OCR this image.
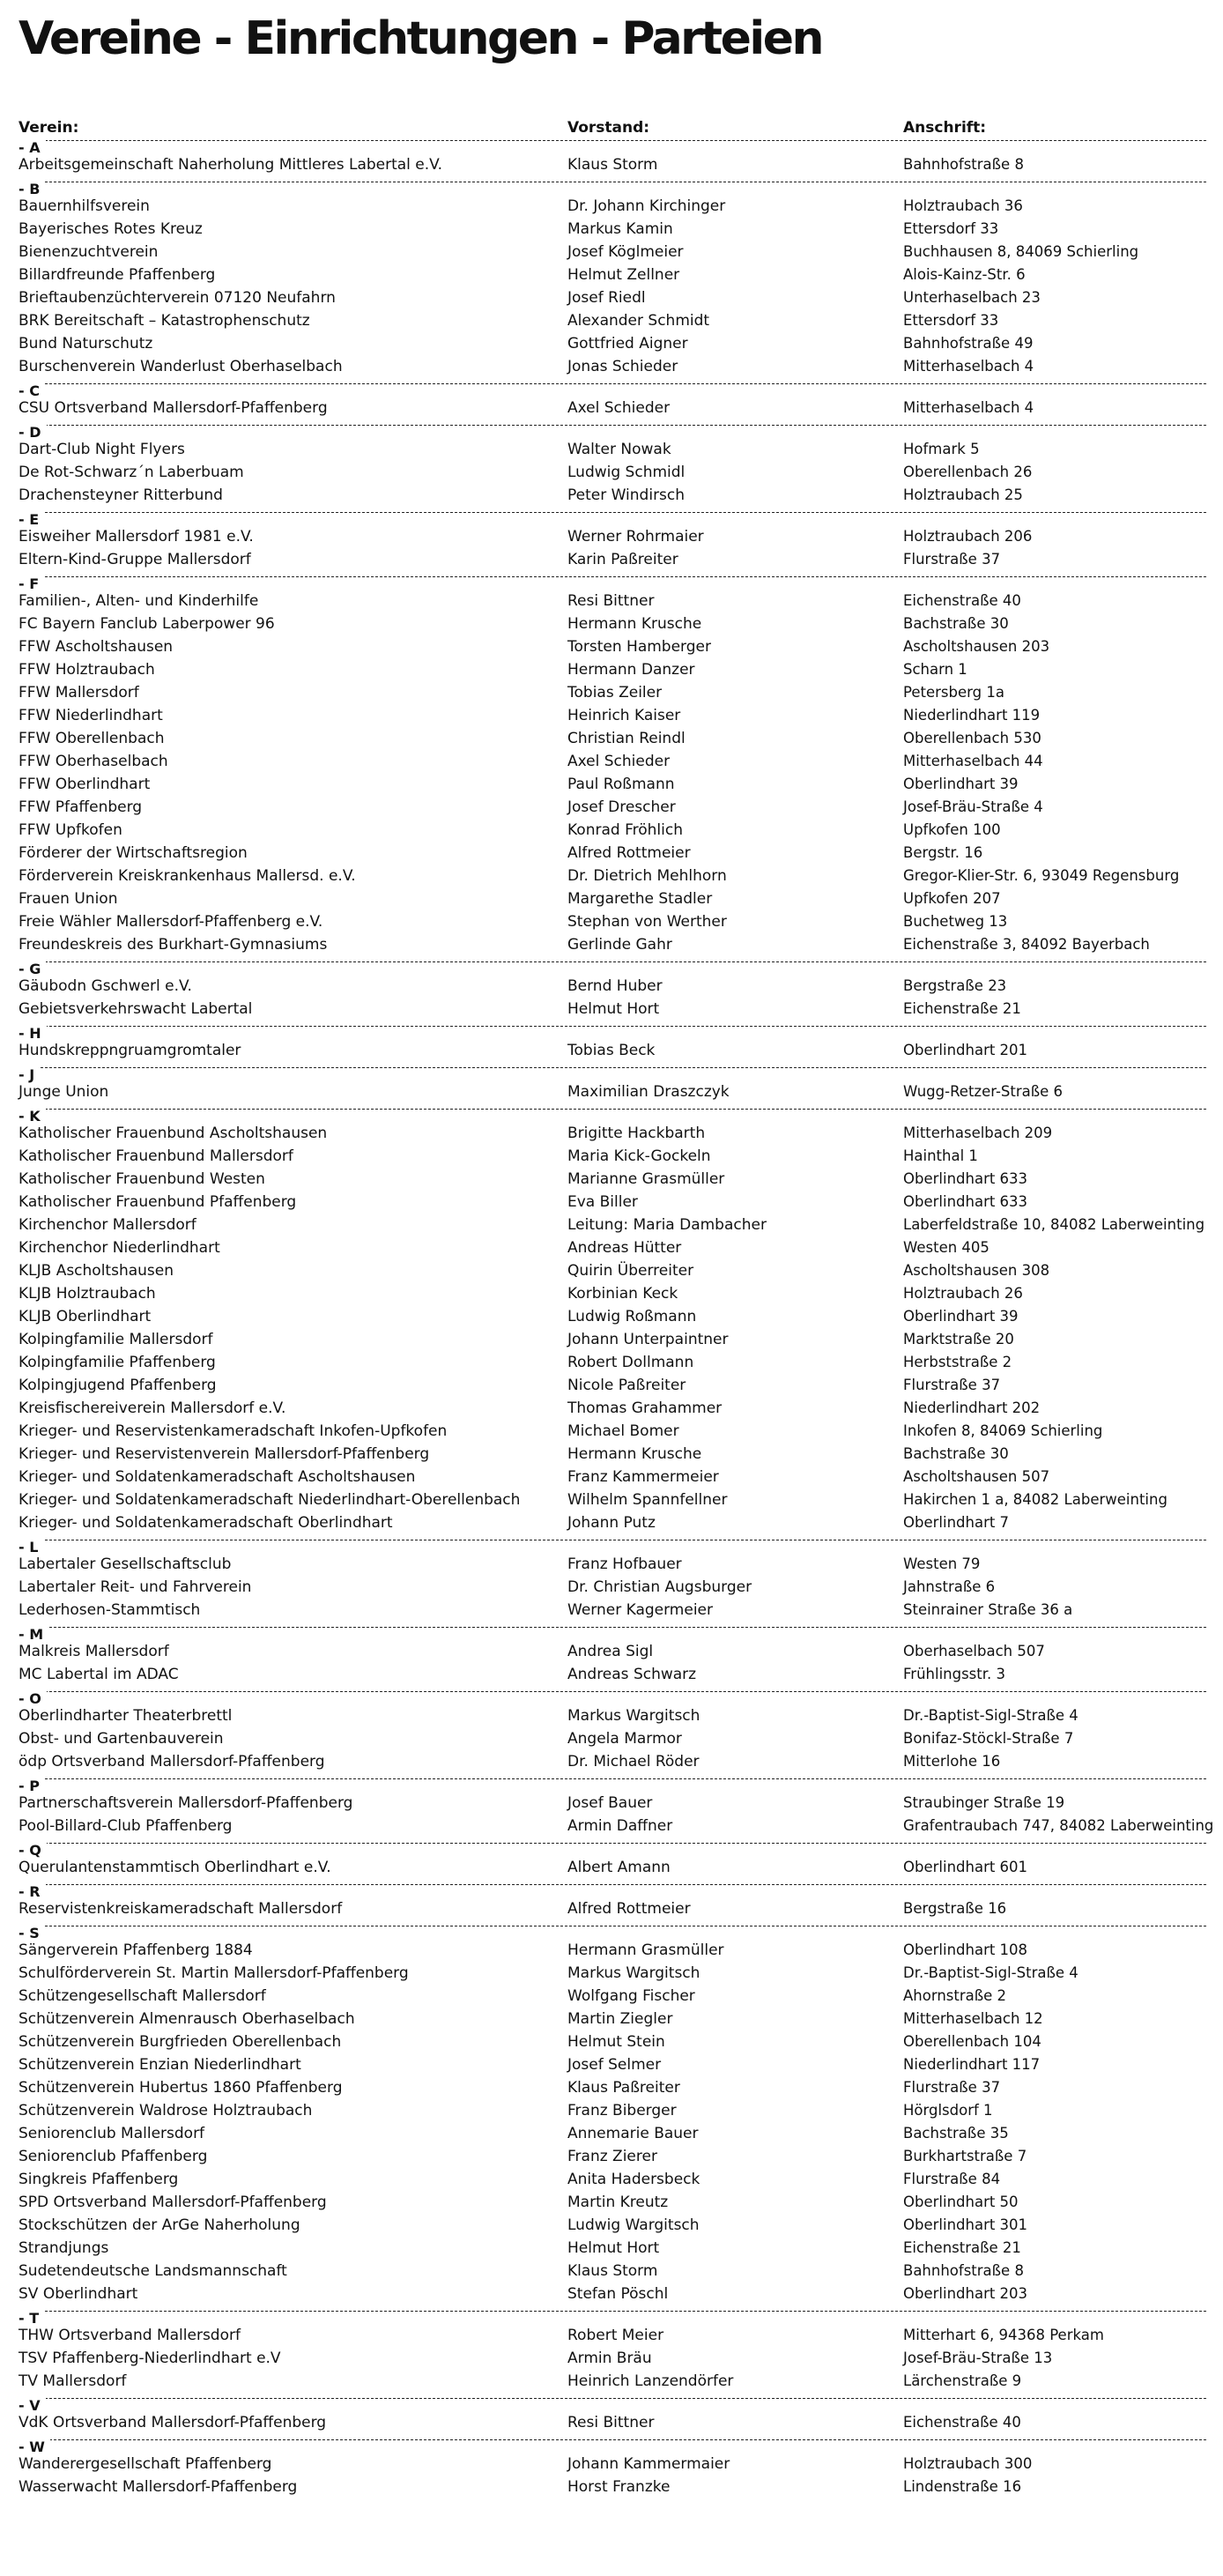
Vereine - Einrichtungen - Parteien
Verein:	Vorstand:	Anschrift:
- A
Arbeitsgemeinschaft Naherholung Mittleres Labertal e.V.	Klaus Storm	Bahnhofstraße 8
- B
Bauernhilfsverein	Dr. Johann Kirchinger	Holztraubach 36
Bayerisches Rotes Kreuz	Markus Kamin	Ettersdorf 33
Bienenzuchtverein	Josef Köglmeier	Buchhausen 8, 84069 Schierling
Billardfreunde Pfaffenberg	Helmut Zellner	Alois-Kainz-Str. 6
Brieftaubenzüchterverein 07120 Neufahrn	Josef Riedl	Unterhaselbach 23
BRK Bereitschaft – Katastrophenschutz	Alexander Schmidt	Ettersdorf 33
Bund Naturschutz	Gottfried Aigner	Bahnhofstraße 49
Burschenverein Wanderlust Oberhaselbach	Jonas Schieder	Mitterhaselbach 4
- C
CSU Ortsverband Mallersdorf-Pfaffenberg	Axel Schieder	Mitterhaselbach 4
- D
Dart-Club Night Flyers	Walter Nowak	Hofmark 5
De Rot-Schwarz´n Laberbuam	Ludwig Schmidl	Oberellenbach 26
Drachensteyner Ritterbund	Peter Windirsch	Holztraubach 25
- E
Eisweiher Mallersdorf 1981 e.V.	Werner Rohrmaier	Holztraubach 206
Eltern-Kind-Gruppe Mallersdorf	Karin Paßreiter	Flurstraße 37
- F
Familien-, Alten- und Kinderhilfe	Resi Bittner	Eichenstraße 40
FC Bayern Fanclub Laberpower 96	Hermann Krusche	Bachstraße 30
FFW Ascholtshausen	Torsten Hamberger	Ascholtshausen 203
FFW Holztraubach	Hermann Danzer	Scharn 1
FFW Mallersdorf	Tobias Zeiler	Petersberg 1a
FFW Niederlindhart	Heinrich Kaiser	Niederlindhart 119
FFW Oberellenbach	Christian Reindl	Oberellenbach 530
FFW Oberhaselbach	Axel Schieder	Mitterhaselbach 44
FFW Oberlindhart	Paul Roßmann	Oberlindhart 39
FFW Pfaffenberg	Josef Drescher	Josef-Bräu-Straße 4
FFW Upfkofen	Konrad Fröhlich	Upfkofen 100
Förderer der Wirtschaftsregion	Alfred Rottmeier	Bergstr. 16
Förderverein Kreiskrankenhaus Mallersd. e.V.	Dr. Dietrich Mehlhorn	Gregor-Klier-Str. 6, 93049 Regensburg
Frauen Union	Margarethe Stadler	Upfkofen 207
Freie Wähler Mallersdorf-Pfaffenberg e.V.	Stephan von Werther	Buchetweg 13
Freundeskreis des Burkhart-Gymnasiums	Gerlinde Gahr	Eichenstraße 3, 84092 Bayerbach
- G
Gäubodn Gschwerl e.V.	Bernd Huber	Bergstraße 23
Gebietsverkehrswacht Labertal	Helmut Hort	Eichenstraße 21
- H
Hundskreppngruamgromtaler	Tobias Beck	Oberlindhart 201
- J
Junge Union	Maximilian Draszczyk	Wugg-Retzer-Straße 6
- K
Katholischer Frauenbund Ascholtshausen	Brigitte Hackbarth	Mitterhaselbach 209
Katholischer Frauenbund Mallersdorf	Maria Kick-Gockeln	Hainthal 1
Katholischer Frauenbund Westen	Marianne Grasmüller	Oberlindhart 633
Katholischer Frauenbund Pfaffenberg	Eva Biller	Oberlindhart 633
Kirchenchor Mallersdorf	Leitung: Maria Dambacher	Laberfeldstraße 10, 84082 Laberweinting
Kirchenchor Niederlindhart	Andreas Hütter	Westen 405
KLJB Ascholtshausen	Quirin Überreiter	Ascholtshausen 308
KLJB Holztraubach	Korbinian Keck	Holztraubach 26
KLJB Oberlindhart	Ludwig Roßmann	Oberlindhart 39
Kolpingfamilie Mallersdorf	Johann Unterpaintner	Marktstraße 20
Kolpingfamilie Pfaffenberg	Robert Dollmann	Herbststraße 2
Kolpingjugend Pfaffenberg	Nicole Paßreiter	Flurstraße 37
Kreisfischereiverein Mallersdorf e.V.	Thomas Grahammer	Niederlindhart 202
Krieger- und Reservistenkameradschaft Inkofen-Upfkofen	Michael Bomer	Inkofen 8, 84069 Schierling
Krieger- und Reservistenverein Mallersdorf-Pfaffenberg	Hermann Krusche	Bachstraße 30
Krieger- und Soldatenkameradschaft Ascholtshausen	Franz Kammermeier	Ascholtshausen 507
Krieger- und Soldatenkameradschaft Niederlindhart-Oberellenbach	Wilhelm Spannfellner	Hakirchen 1 a, 84082 Laberweinting
Krieger- und Soldatenkameradschaft Oberlindhart	Johann Putz	Oberlindhart 7
- L
Labertaler Gesellschaftsclub	Franz Hofbauer	Westen 79
Labertaler Reit- und Fahrverein	Dr. Christian Augsburger	Jahnstraße 6
Lederhosen-Stammtisch	Werner Kagermeier	Steinrainer Straße 36 a
- M
Malkreis Mallersdorf	Andrea Sigl	Oberhaselbach 507
MC Labertal im ADAC	Andreas Schwarz	Frühlingsstr. 3
- O
Oberlindharter Theaterbrettl	Markus Wargitsch	Dr.-Baptist-Sigl-Straße 4
Obst- und Gartenbauverein	Angela Marmor	Bonifaz-Stöckl-Straße 7
ödp Ortsverband Mallersdorf-Pfaffenberg	Dr. Michael Röder	Mitterlohe 16
- P
Partnerschaftsverein Mallersdorf-Pfaffenberg	Josef Bauer	Straubinger Straße 19
Pool-Billard-Club Pfaffenberg	Armin Daffner	Grafentraubach 747, 84082 Laberweinting
- Q
Querulantenstammtisch Oberlindhart e.V.	Albert Amann	Oberlindhart 601
- R
Reservistenkreiskameradschaft Mallersdorf	Alfred Rottmeier	Bergstraße 16
- S
Sängerverein Pfaffenberg 1884	Hermann Grasmüller	Oberlindhart 108
Schulförderverein St. Martin Mallersdorf-Pfaffenberg	Markus Wargitsch	Dr.-Baptist-Sigl-Straße 4
Schützengesellschaft Mallersdorf	Wolfgang Fischer	Ahornstraße 2
Schützenverein Almenrausch Oberhaselbach	Martin Ziegler	Mitterhaselbach 12
Schützenverein Burgfrieden Oberellenbach	Helmut Stein	Oberellenbach 104
Schützenverein Enzian Niederlindhart	Josef Selmer	Niederlindhart 117
Schützenverein Hubertus 1860 Pfaffenberg	Klaus Paßreiter	Flurstraße 37
Schützenverein Waldrose Holztraubach	Franz Biberger	Hörglsdorf 1
Seniorenclub Mallersdorf	Annemarie Bauer	Bachstraße 35
Seniorenclub Pfaffenberg	Franz Zierer	Burkhartstraße 7
Singkreis Pfaffenberg	Anita Hadersbeck	Flurstraße 84
SPD Ortsverband Mallersdorf-Pfaffenberg	Martin Kreutz	Oberlindhart 50
Stockschützen der ArGe Naherholung	Ludwig Wargitsch	Oberlindhart 301
Strandjungs	Helmut Hort	Eichenstraße 21
Sudetendeutsche Landsmannschaft	Klaus Storm	Bahnhofstraße 8
SV Oberlindhart	Stefan Pöschl	Oberlindhart 203
- T
THW Ortsverband Mallersdorf	Robert Meier	Mitterhart 6, 94368 Perkam
TSV Pfaffenberg-Niederlindhart e.V	Armin Bräu	Josef-Bräu-Straße 13
TV Mallersdorf	Heinrich Lanzendörfer	Lärchenstraße 9
- V
VdK Ortsverband Mallersdorf-Pfaffenberg	Resi Bittner	Eichenstraße 40
- W
Wanderergesellschaft Pfaffenberg	Johann Kammermaier	Holztraubach 300
Wasserwacht Mallersdorf-Pfaffenberg	Horst Franzke	Lindenstraße 16
